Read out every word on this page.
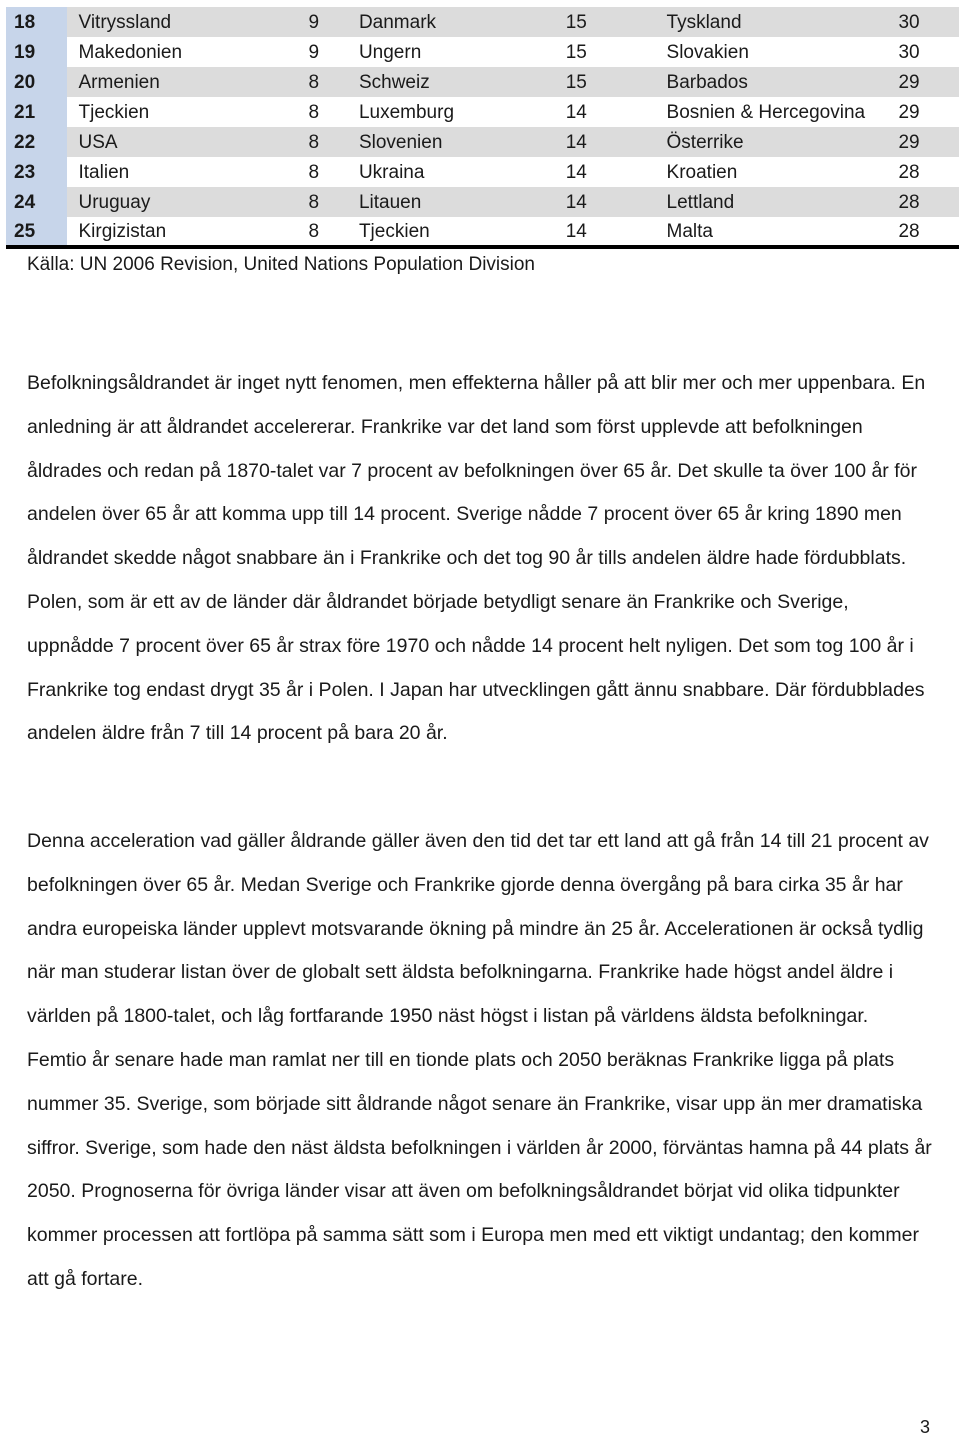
18	Vitryssland	9	Danmark	15	Tyskland	30
19	Makedonien	9	Ungern	15	Slovakien	30
20	Armenien	8	Schweiz	15	Barbados	29
21	Tjeckien	8	Luxemburg	14	Bosnien & Hercegovina	29
22	USA	8	Slovenien	14	Österrike	29
23	Italien	8	Ukraina	14	Kroatien	28
24	Uruguay	8	Litauen	14	Lettland	28
25	Kirgizistan	8	Tjeckien	14	Malta	28
Källa: UN 2006 Revision, United Nations Population Division

Befolkningsåldrandet är inget nytt fenomen, men effekterna håller på att blir mer och mer uppenbara. En anledning är att åldrandet accelererar. Frankrike var det land som först upplevde att befolkningen åldrades och redan på 1870-talet var 7 procent av befolkningen över 65 år. Det skulle ta över 100 år för andelen över 65 år att komma upp till 14 procent. Sverige nådde 7 procent över 65 år kring 1890 men åldrandet skedde något snabbare än i Frankrike och det tog 90 år tills andelen äldre hade fördubblats. Polen, som är ett av de länder där åldrandet började betydligt senare än Frankrike och Sverige, uppnådde 7 procent över 65 år strax före 1970 och nådde 14 procent helt nyligen. Det som tog 100 år i Frankrike tog endast drygt 35 år i Polen. I Japan har utvecklingen gått ännu snabbare. Där fördubblades andelen äldre från 7 till 14 procent på bara 20 år.

Denna acceleration vad gäller åldrande gäller även den tid det tar ett land att gå från 14 till 21 procent av befolkningen över 65 år. Medan Sverige och Frankrike gjorde denna övergång på bara cirka 35 år har andra europeiska länder upplevt motsvarande ökning på mindre än 25 år. Accelerationen är också tydlig när man studerar listan över de globalt sett äldsta befolkningarna. Frankrike hade högst andel äldre i världen på 1800-talet, och låg fortfarande 1950 näst högst i listan på världens äldsta befolkningar. Femtio år senare hade man ramlat ner till en tionde plats och 2050 beräknas Frankrike ligga på plats nummer 35. Sverige, som började sitt åldrande något senare än Frankrike, visar upp än mer dramatiska siffror. Sverige, som hade den näst äldsta befolkningen i världen år 2000, förväntas hamna på 44 plats år 2050. Prognoserna för övriga länder visar att även om befolkningsåldrandet börjat vid olika tidpunkter kommer processen att fortlöpa på samma sätt som i Europa men med ett viktigt undantag; den kommer att gå fortare.

3
